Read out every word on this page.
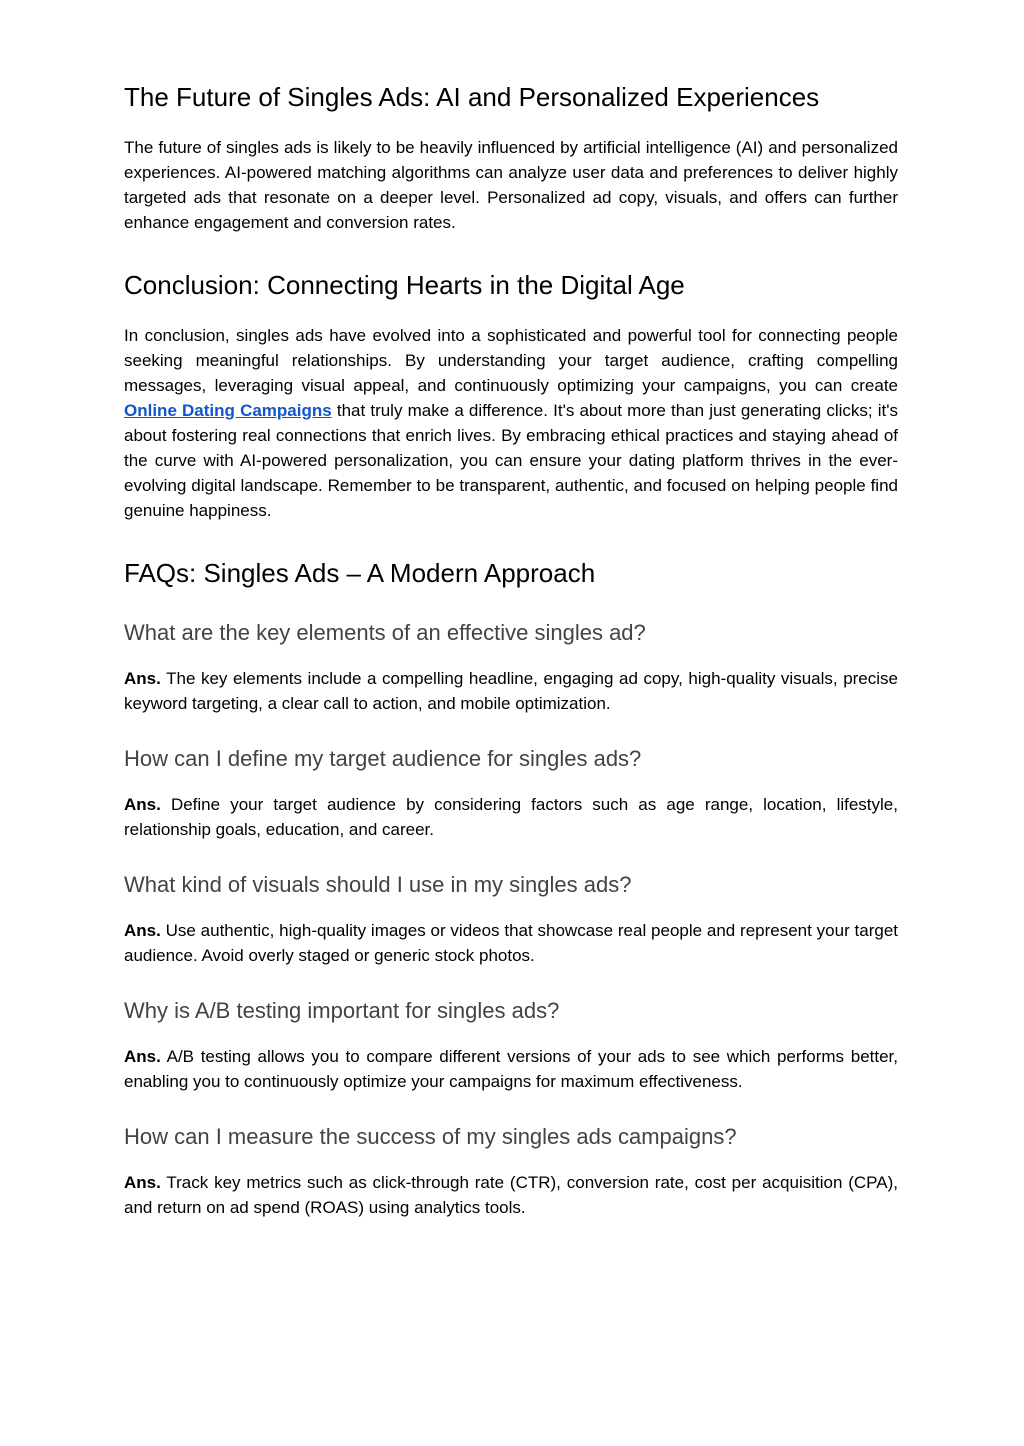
The Future of Singles Ads: AI and Personalized Experiences

The future of singles ads is likely to be heavily influenced by artificial intelligence (AI) and personalized experiences. AI-powered matching algorithms can analyze user data and preferences to deliver highly targeted ads that resonate on a deeper level. Personalized ad copy, visuals, and offers can further enhance engagement and conversion rates.

Conclusion: Connecting Hearts in the Digital Age

In conclusion, singles ads have evolved into a sophisticated and powerful tool for connecting people seeking meaningful relationships. By understanding your target audience, crafting compelling messages, leveraging visual appeal, and continuously optimizing your campaigns, you can create Online Dating Campaigns that truly make a difference. It's about more than just generating clicks; it's about fostering real connections that enrich lives. By embracing ethical practices and staying ahead of the curve with AI-powered personalization, you can ensure your dating platform thrives in the ever-evolving digital landscape. Remember to be transparent, authentic, and focused on helping people find genuine happiness.

FAQs: Singles Ads – A Modern Approach
What are the key elements of an effective singles ad?

Ans. The key elements include a compelling headline, engaging ad copy, high-quality visuals, precise keyword targeting, a clear call to action, and mobile optimization.

How can I define my target audience for singles ads?

Ans. Define your target audience by considering factors such as age range, location, lifestyle, relationship goals, education, and career.

What kind of visuals should I use in my singles ads?

Ans. Use authentic, high-quality images or videos that showcase real people and represent your target audience. Avoid overly staged or generic stock photos.

Why is A/B testing important for singles ads?

Ans. A/B testing allows you to compare different versions of your ads to see which performs better, enabling you to continuously optimize your campaigns for maximum effectiveness.

How can I measure the success of my singles ads campaigns?

Ans. Track key metrics such as click-through rate (CTR), conversion rate, cost per acquisition (CPA), and return on ad spend (ROAS) using analytics tools.
